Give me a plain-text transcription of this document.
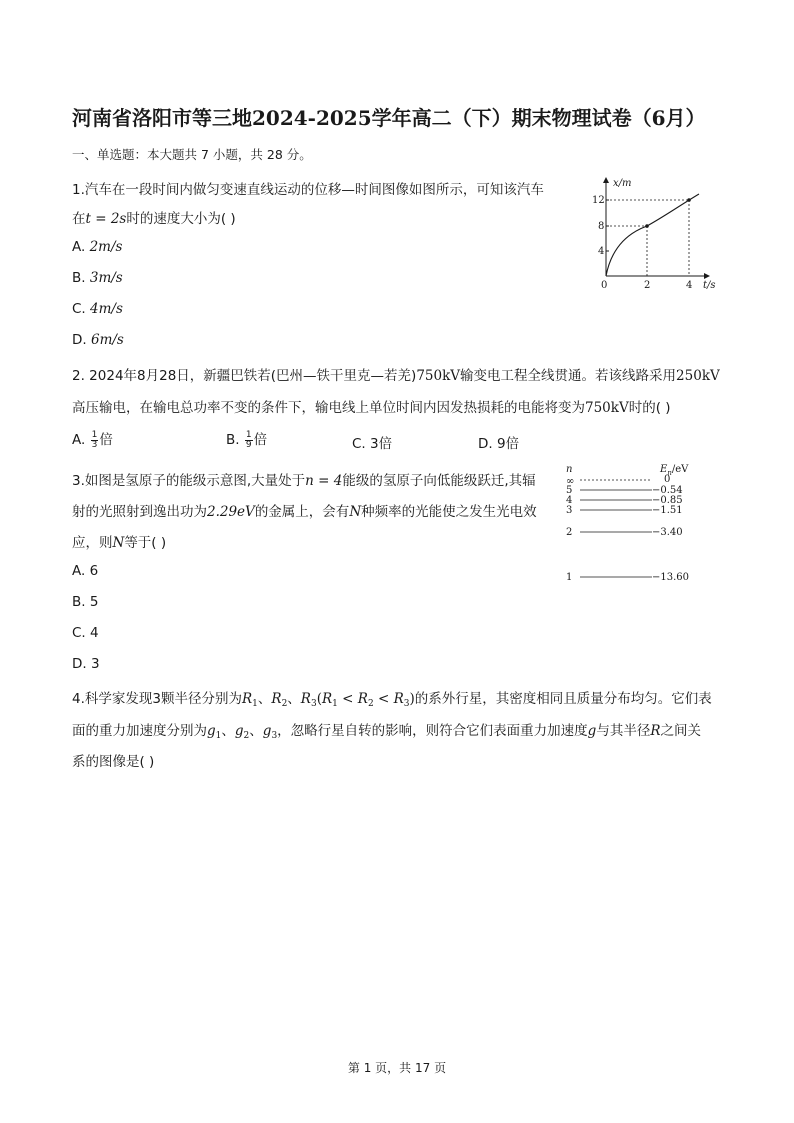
河南省洛阳市等三地2024-2025学年高二（下）期末物理试卷（6月）
一、单选题：本大题共 7 小题，共 28 分。
1.汽车在一段时间内做匀变速直线运动的位移—时间图像如图所示，可知该汽车
在t = 2s时的速度大小为( )
A. 2m/s
B. 3m/s
C. 4m/s
D. 6m/s
x/m
t/s
0
4
8
12
2	4
2. 2024年8月28日，新疆巴铁若(巴州—铁干里克—若羌)750kV输变电工程全线贯通。若该线路采用250kV
高压输电，在输电总功率不变的条件下，输电线上单位时间内因发热损耗的电能将变为750kV时的( )
A. $\frac{1}{3}$ 倍	B. $\frac{1}{9}$ 倍	C. 3倍	D. 9倍
3.如图是氢原子的能级示意图,大量处于n = 4能级的氢原子向低能级跃迁,其辐
射的光照射到逸出功为2.29eV的金属上，会有N种频率的光能使之发生光电效
应，则N等于( )
A. 6
B. 5
C. 4
D. 3
n	$E_n/eV$
∞	0
5	−0.54
4	−0.85
3	−1.51
2	−3.40
1	−13.60
4.科学家发现3颗半径分别为$R_1$、$R_2$、$R_3(R_1 < R_2 < R_3)$的系外行星，其密度相同且质量分布均匀。它们表
面的重力加速度分别为$g_1$、$g_2$、$g_3$，忽略行星自转的影响，则符合它们表面重力加速度g与其半径R之间关
系的图像是( )
第 1 页，共 17 页
